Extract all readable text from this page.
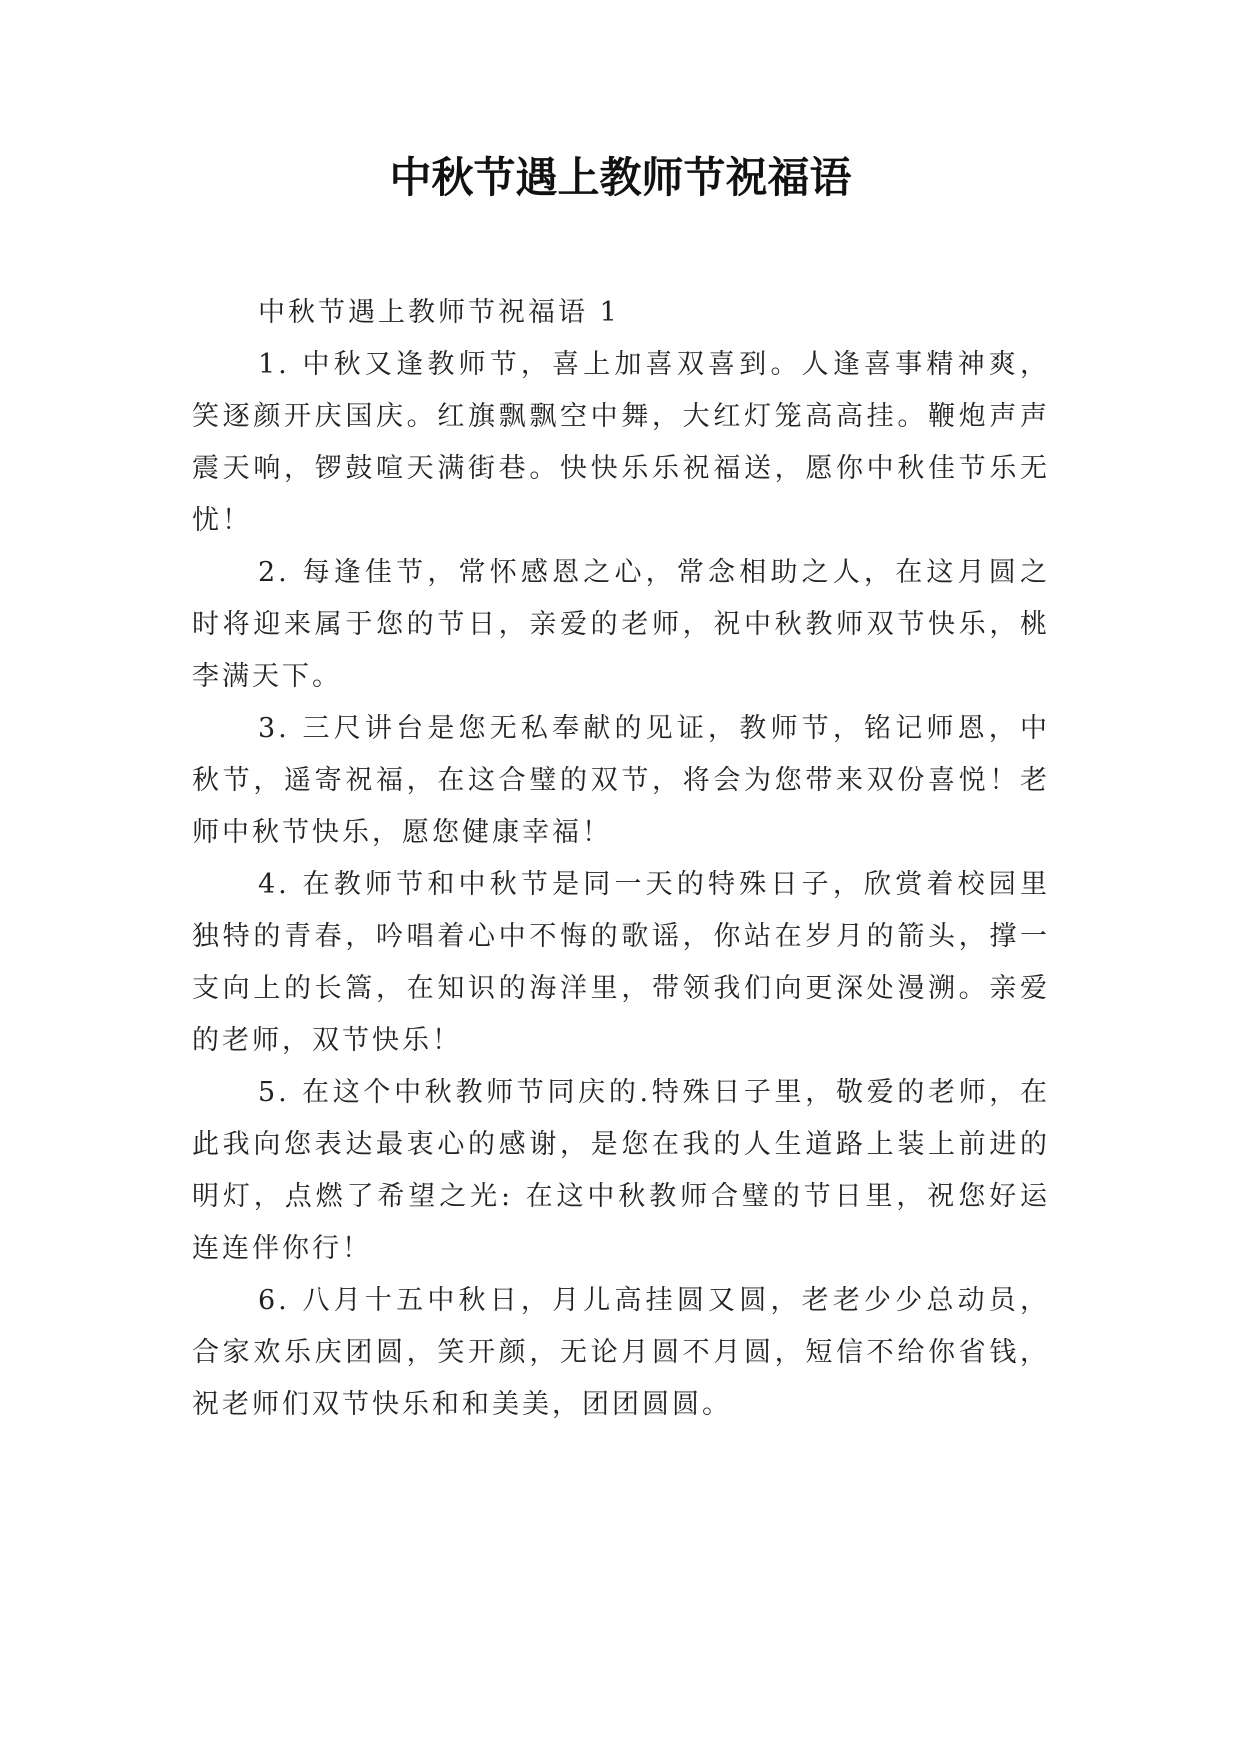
中秋节遇上教师节祝福语
中秋节遇上教师节祝福语 1

1. 中秋又逢教师节，喜上加喜双喜到。人逢喜事精神爽，笑逐颜开庆国庆。红旗飘飘空中舞，大红灯笼高高挂。鞭炮声声震天响，锣鼓喧天满街巷。快快乐乐祝福送，愿你中秋佳节乐无忧！

2. 每逢佳节，常怀感恩之心，常念相助之人，在这月圆之时将迎来属于您的节日，亲爱的老师，祝中秋教师双节快乐，桃李满天下。

3. 三尺讲台是您无私奉献的见证，教师节，铭记师恩，中秋节，遥寄祝福，在这合璧的双节，将会为您带来双份喜悦！老师中秋节快乐，愿您健康幸福！

4. 在教师节和中秋节是同一天的特殊日子，欣赏着校园里独特的青春，吟唱着心中不悔的歌谣，你站在岁月的箭头，撑一支向上的长篙，在知识的海洋里，带领我们向更深处漫溯。亲爱的老师，双节快乐！

5. 在这个中秋教师节同庆的.特殊日子里，敬爱的老师，在此我向您表达最衷心的感谢，是您在我的人生道路上装上前进的明灯，点燃了希望之光: 在这中秋教师合璧的节日里，祝您好运连连伴你行！

6. 八月十五中秋日，月儿高挂圆又圆，老老少少总动员，合家欢乐庆团圆，笑开颜，无论月圆不月圆，短信不给你省钱，祝老师们双节快乐和和美美，团团圆圆。
